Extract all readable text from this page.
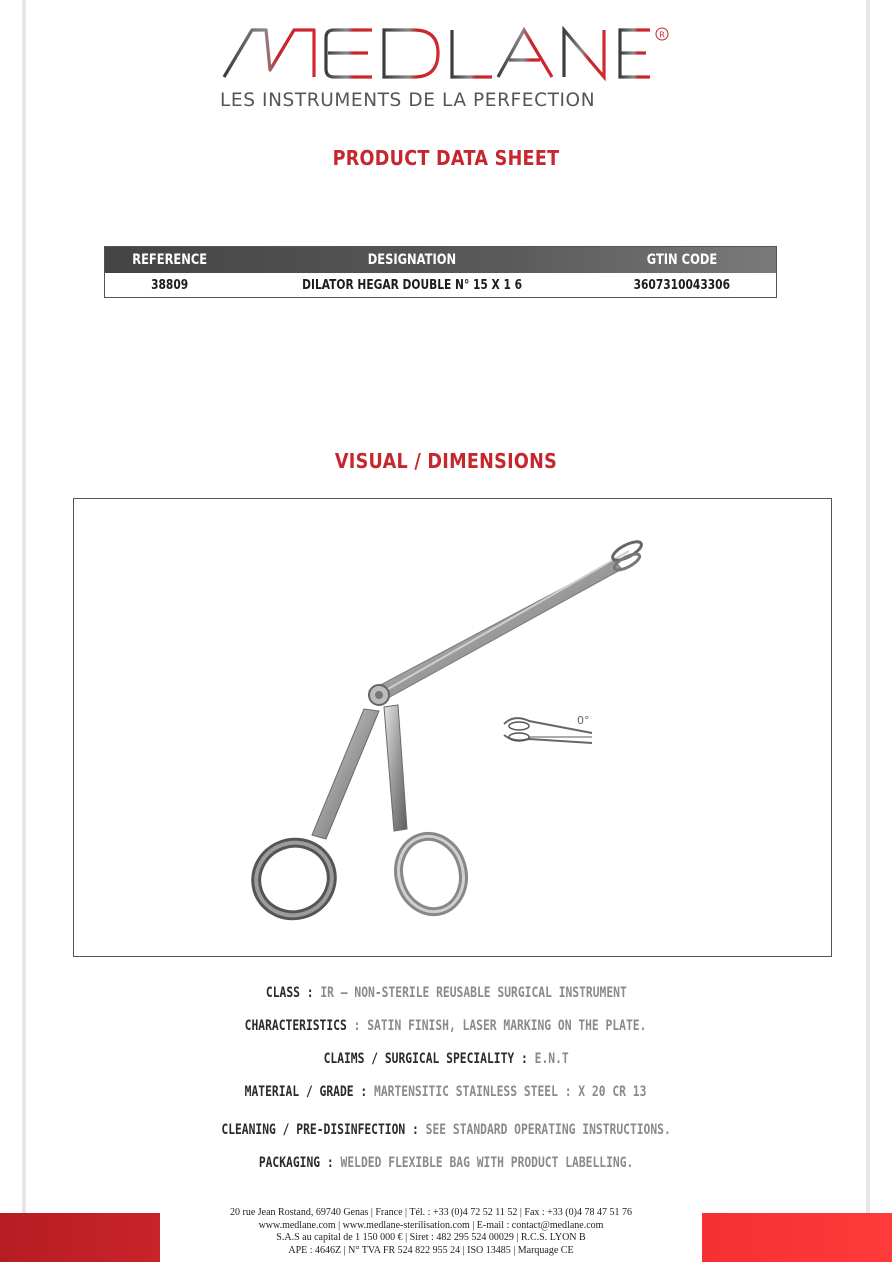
R
LES INSTRUMENTS DE LA PERFECTION
PRODUCT DATA SHEET
REFERENCE	DESIGNATION	GTIN CODE
38809	DILATOR HEGAR DOUBLE N° 15 X 1 6	3607310043306
VISUAL / DIMENSIONS
0°
CLASS : IR – NON-STERILE REUSABLE SURGICAL INSTRUMENT
CHARACTERISTICS : SATIN FINISH, LASER MARKING ON THE PLATE.
CLAIMS / SURGICAL SPECIALITY : E.N.T
MATERIAL / GRADE : MARTENSITIC STAINLESS STEEL : X 20 CR 13
CLEANING / PRE-DISINFECTION : SEE STANDARD OPERATING INSTRUCTIONS.
PACKAGING : WELDED FLEXIBLE BAG WITH PRODUCT LABELLING.
20 rue Jean Rostand, 69740 Genas | France | Tél. : +33 (0)4 72 52 11 52 | Fax : +33 (0)4 78 47 51 76
www.medlane.com | www.medlane-sterilisation.com | E-mail : contact@medlane.com
S.A.S au capital de 1 150 000 € | Siret : 482 295 524 00029 | R.C.S. LYON B
APE : 4646Z | N° TVA FR 524 822 955 24 | ISO 13485 | Marquage CE
